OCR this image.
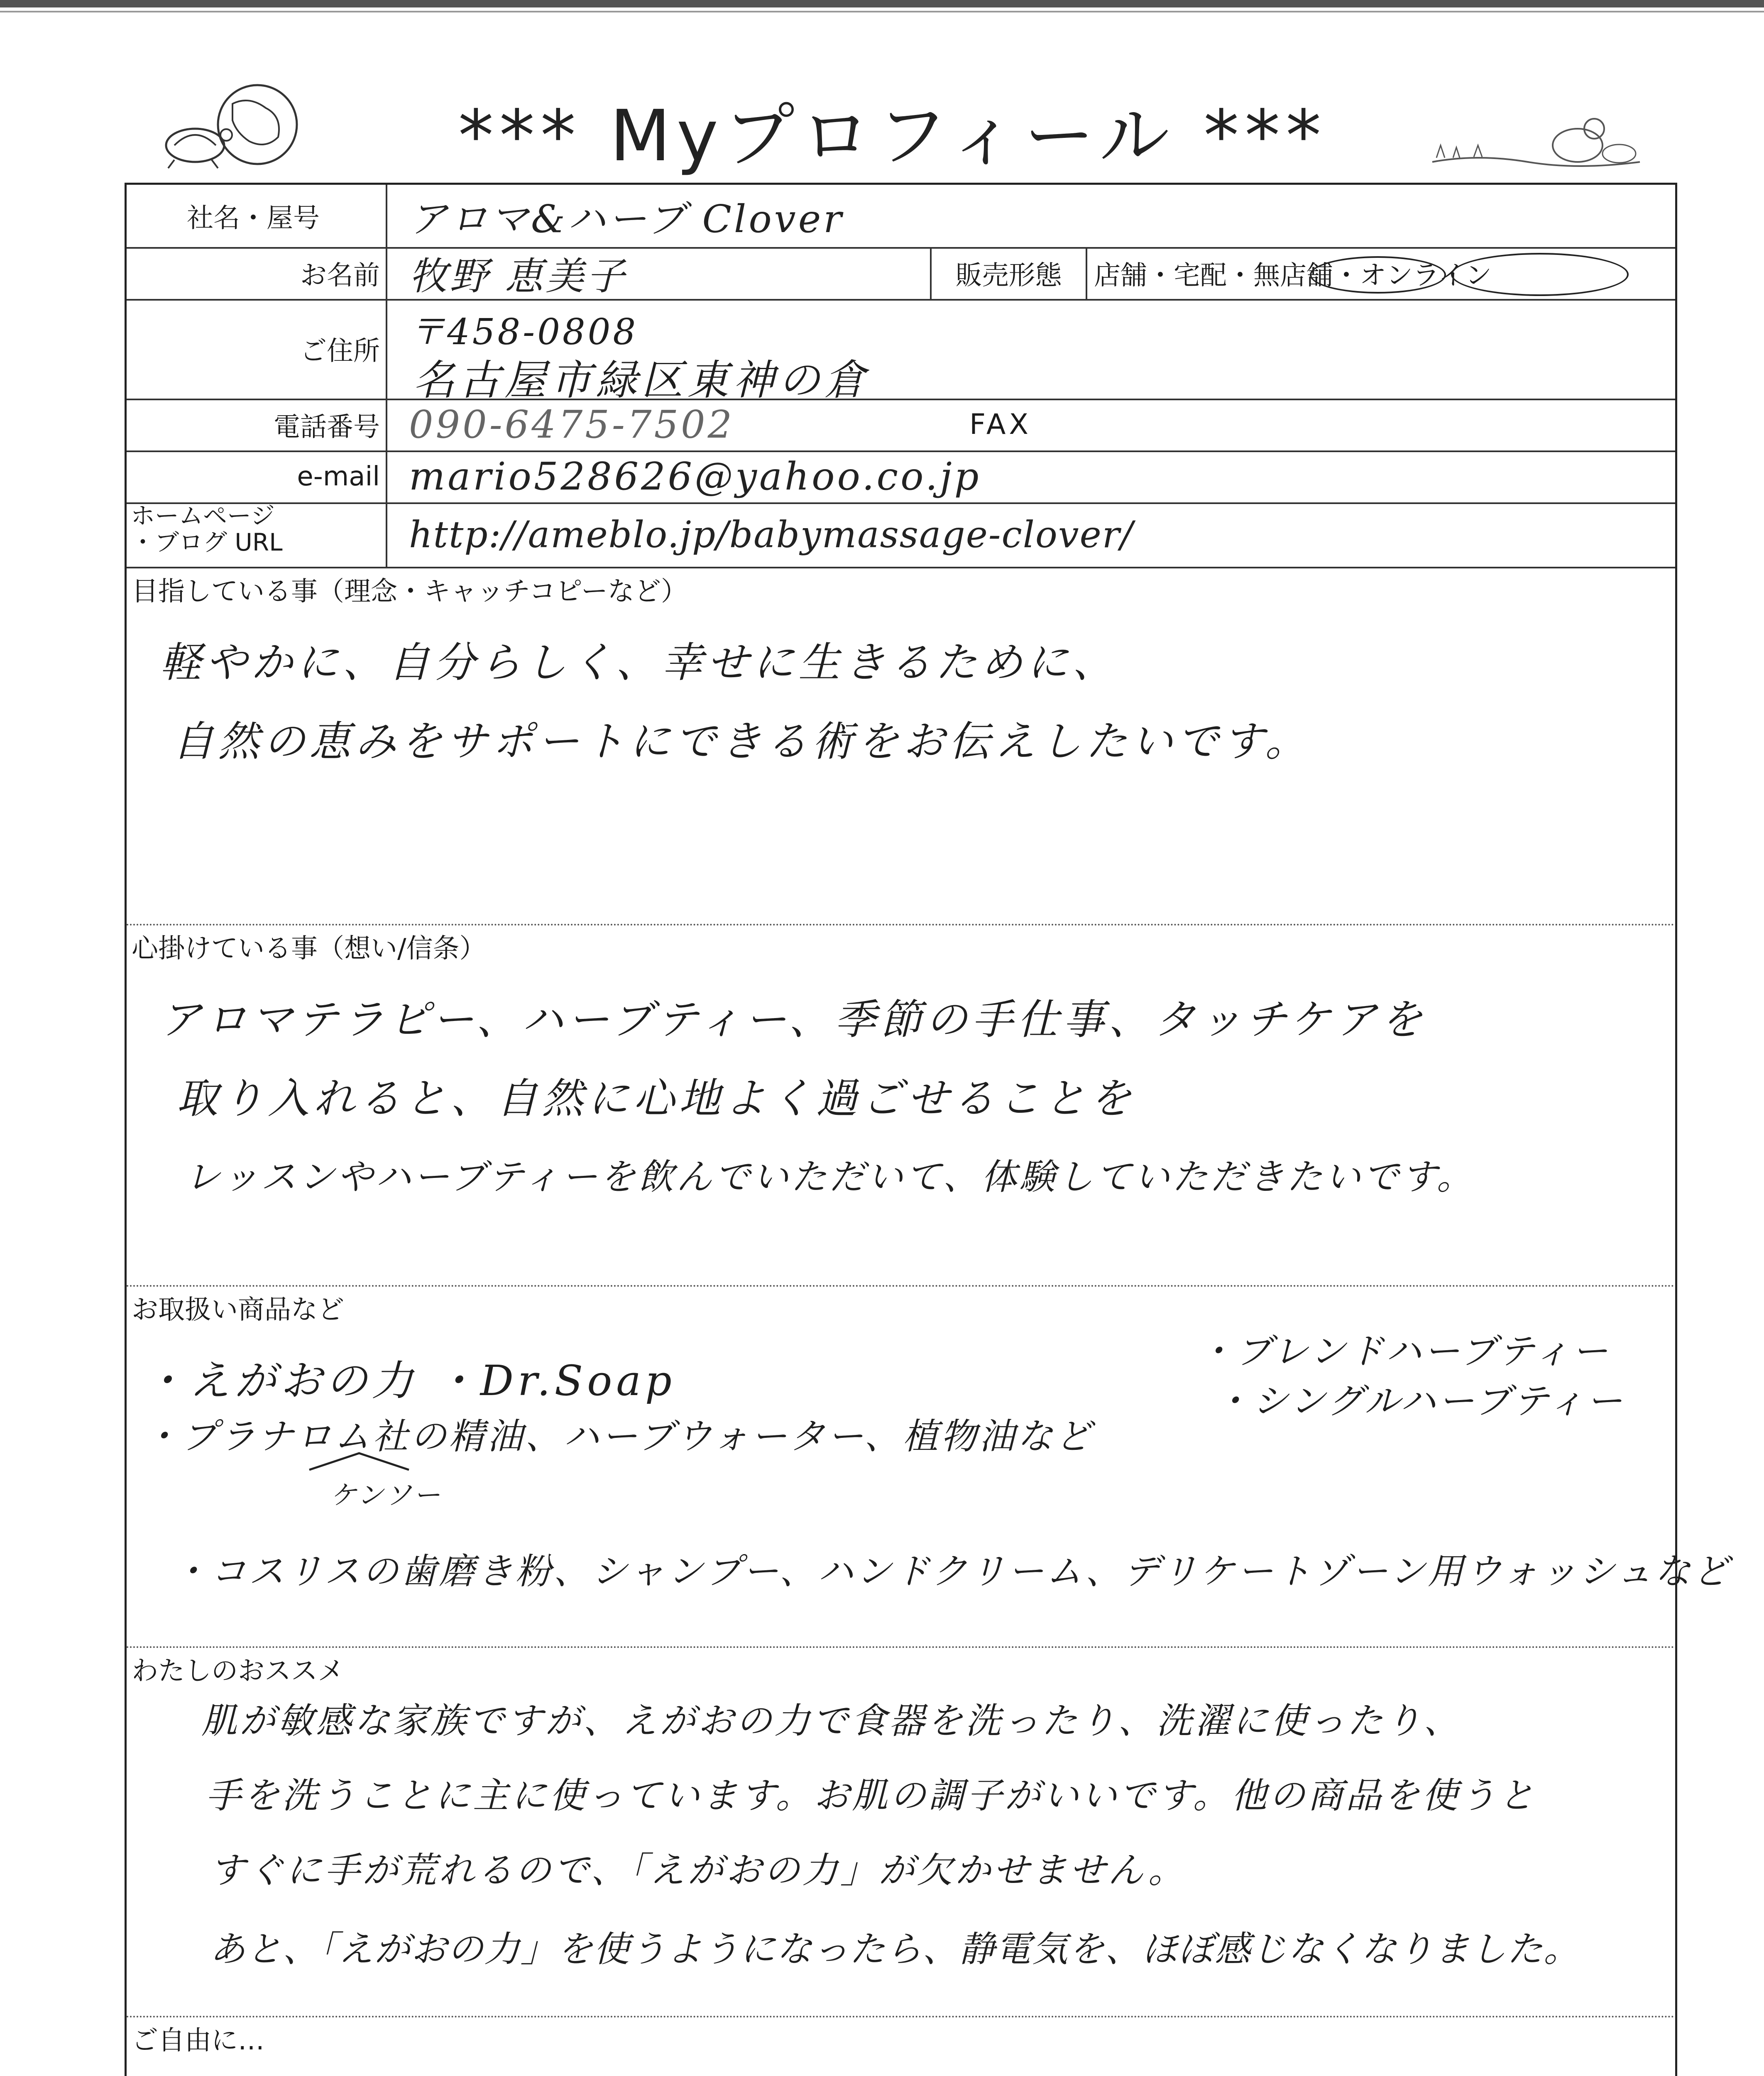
*** Myプロフィール ***
社名・屋号	アロマ&ハーブ Clover
お名前 牧野 恵美子	販売形態	店舗・宅配・無店舗・オンライン
ご住所 〒458-0808
名古屋市緑区東神の倉
電話番号 090-6475-7502	FAX
e-mail mario528626@yahoo.co.jp
ホームページ
・ブログ URL	http://ameblo.jp/babymassage-clover/
目指している事（理念・キャッチコピーなど）
軽やかに、自分らしく、幸せに生きるために、
自然の恵みをサポートにできる術をお伝えしたいです。
心掛けている事（想い/信条）
アロマテラピー、ハーブティー、季節の手仕事、タッチケアを
取り入れると、自然に心地よく過ごせることを
レッスンやハーブティーを飲んでいただいて、体験していただきたいです。
お取扱い商品など
・えがおの力 ・Dr.Soap
・ブレンドハーブティー
・シングルハーブティー
・プラナロム社の精油、ハーブウォーター、植物油など
ケンソー
・コスリスの歯磨き粉、シャンプー、ハンドクリーム、デリケートゾーン用ウォッシュなど
わたしのおススメ
肌が敏感な家族ですが、えがおの力で食器を洗ったり、洗濯に使ったり、
手を洗うことに主に使っています。お肌の調子がいいです。他の商品を使うと
すぐに手が荒れるので、「えがおの力」が欠かせません。
あと、「えがおの力」を使うようになったら、静電気を、ほぼ感じなくなりました。
ご自由に…
